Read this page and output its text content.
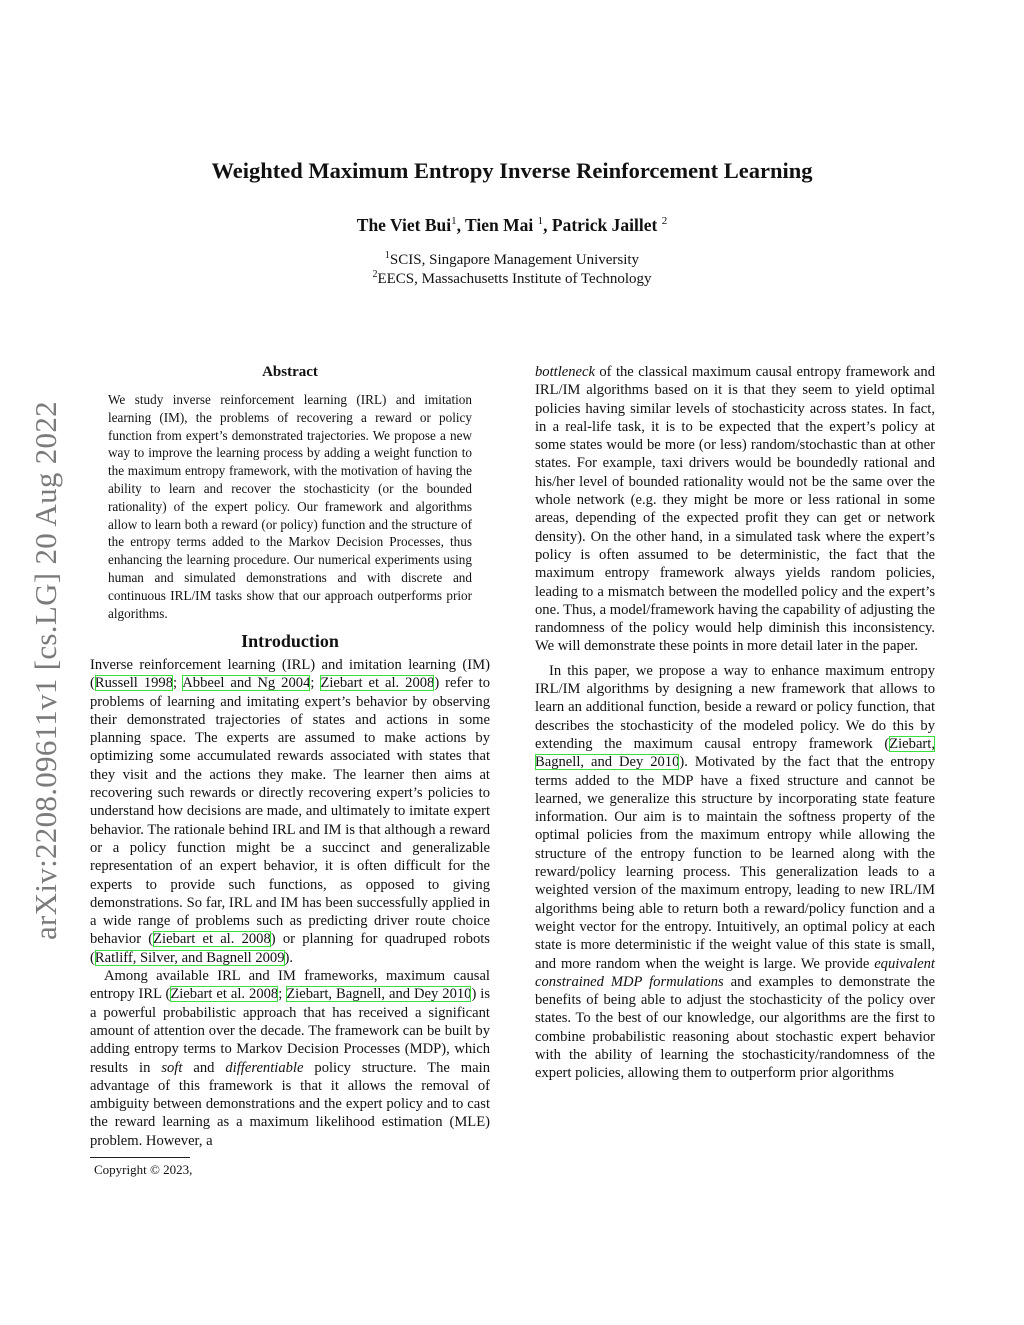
arXiv:2208.09611v1 [cs.LG] 20 Aug 2022
Weighted Maximum Entropy Inverse Reinforcement Learning
The Viet Bui$^1$, Tien Mai $^1$, Patrick Jaillet $^2$
$^1$SCIS, Singapore Management University
$^2$EECS, Massachusetts Institute of Technology
Abstract
We study inverse reinforcement learning (IRL) and imitation learning (IM), the problems of recovering a reward or policy function from expert’s demonstrated trajectories. We propose a new way to improve the learning process by adding a weight function to the maximum entropy framework, with the motivation of having the ability to learn and recover the stochasticity (or the bounded rationality) of the expert policy. Our framework and algorithms allow to learn both a reward (or policy) function and the structure of the entropy terms added to the Markov Decision Processes, thus enhancing the learning procedure. Our numerical experiments using human and simulated demonstrations and with discrete and continuous IRL/IM tasks show that our approach outperforms prior algorithms.
Introduction

Inverse reinforcement learning (IRL) and imitation learning (IM) (Russell 1998; Abbeel and Ng 2004; Ziebart et al. 2008) refer to problems of learning and imitating expert’s behavior by observing their demonstrated trajectories of states and actions in some planning space. The experts are assumed to make actions by optimizing some accumulated rewards associated with states that they visit and the actions they make. The learner then aims at recovering such rewards or directly recovering expert’s policies to understand how decisions are made, and ultimately to imitate expert behavior. The rationale behind IRL and IM is that although a reward or a policy function might be a succinct and generalizable representation of an expert behavior, it is often difficult for the experts to provide such functions, as opposed to giving demonstrations. So far, IRL and IM has been successfully applied in a wide range of problems such as predicting driver route choice behavior (Ziebart et al. 2008) or planning for quadruped robots (Ratliff, Silver, and Bagnell 2009).

Among available IRL and IM frameworks, maximum causal entropy IRL (Ziebart et al. 2008; Ziebart, Bagnell, and Dey 2010) is a powerful probabilistic approach that has received a significant amount of attention over the decade. The framework can be built by adding entropy terms to Markov Decision Processes (MDP), which results in soft and differentiable policy structure. The main advantage of this framework is that it allows the removal of ambiguity between demonstrations and the expert policy and to cast the reward learning as a maximum likelihood estimation (MLE) problem. However, a

bottleneck of the classical maximum causal entropy framework and IRL/IM algorithms based on it is that they seem to yield optimal policies having similar levels of stochasticity across states. In fact, in a real-life task, it is to be expected that the expert’s policy at some states would be more (or less) random/stochastic than at other states. For example, taxi drivers would be boundedly rational and his/her level of bounded rationality would not be the same over the whole network (e.g. they might be more or less rational in some areas, depending of the expected profit they can get or network density). On the other hand, in a simulated task where the expert’s policy is often assumed to be deterministic, the fact that the maximum entropy framework always yields random policies, leading to a mismatch between the modelled policy and the expert’s one. Thus, a model/framework having the capability of adjusting the randomness of the policy would help diminish this inconsistency. We will demonstrate these points in more detail later in the paper.

In this paper, we propose a way to enhance maximum entropy IRL/IM algorithms by designing a new framework that allows to learn an additional function, beside a reward or policy function, that describes the stochasticity of the modeled policy. We do this by extending the maximum causal entropy framework (Ziebart, Bagnell, and Dey 2010). Motivated by the fact that the entropy terms added to the MDP have a fixed structure and cannot be learned, we generalize this structure by incorporating state feature information. Our aim is to maintain the softness property of the optimal policies from the maximum entropy while allowing the structure of the entropy function to be learned along with the reward/policy learning process. This generalization leads to a weighted version of the maximum entropy, leading to new IRL/IM algorithms being able to return both a reward/policy function and a weight vector for the entropy. Intuitively, an optimal policy at each state is more deterministic if the weight value of this state is small, and more random when the weight is large. We provide equivalent constrained MDP formulations and examples to demonstrate the benefits of being able to adjust the stochasticity of the policy over states. To the best of our knowledge, our algorithms are the first to combine probabilistic reasoning about stochastic expert behavior with the ability of learning the stochasticity/randomness of the expert policies, allowing them to outperform prior algorithms

Copyright © 2023,
